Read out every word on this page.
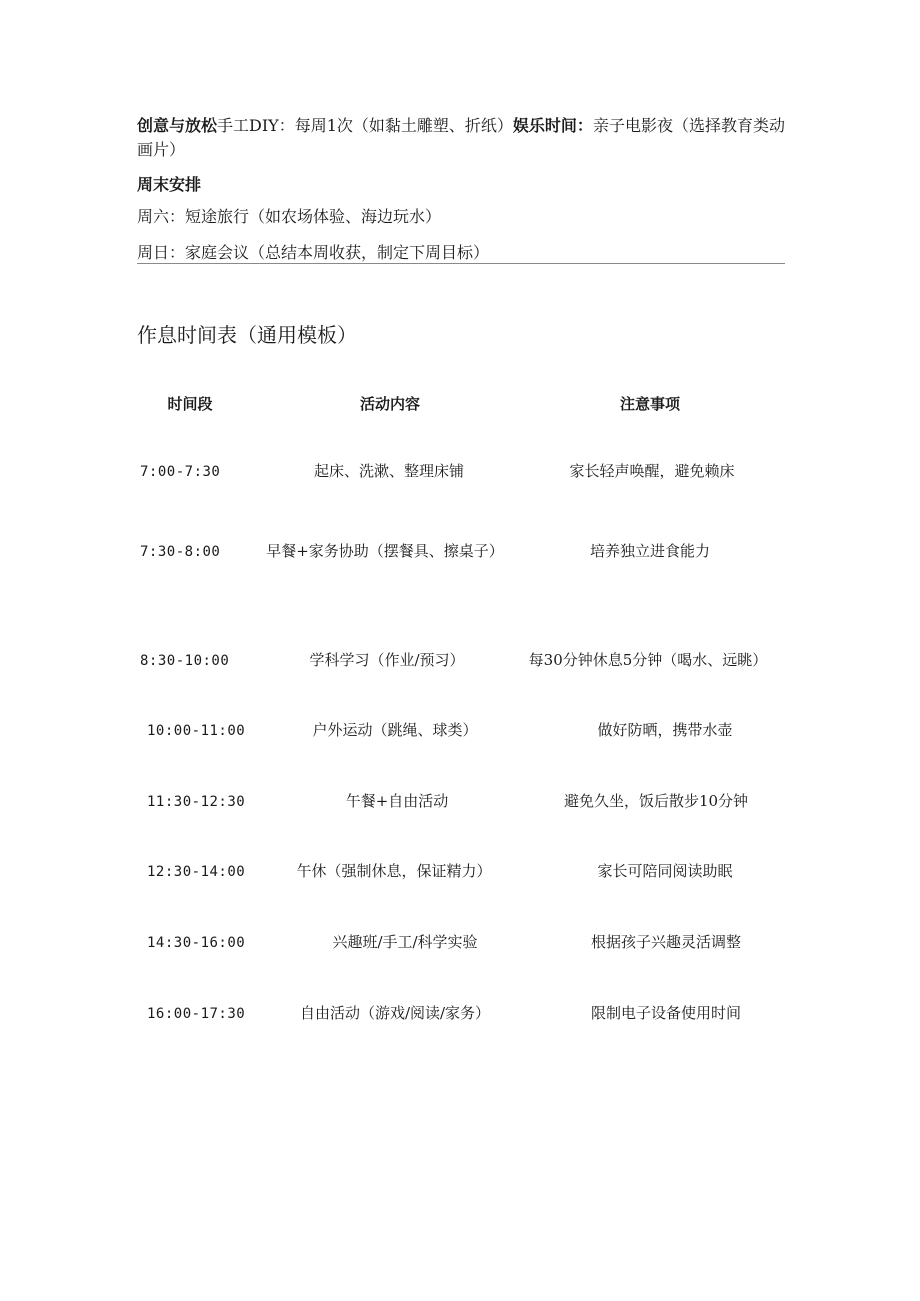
创意与放松手工DIY：每周1次（如黏土雕塑、折纸）娱乐时间：亲子电影夜（选择教育类动画片）
周末安排
周六：短途旅行（如农场体验、海边玩水）
周日：家庭会议（总结本周收获，制定下周目标）
作息时间表（通用模板）
时间段	活动内容	注意事项
7:00-7:30	起床、洗漱、整理床铺	家长轻声唤醒，避免赖床
7:30-8:00	早餐+家务协助（摆餐具、擦桌子）	培养独立进食能力
8:30-10:00	学科学习（作业/预习）	每30分钟休息5分钟（喝水、远眺）
10:00-11:00	户外运动（跳绳、球类）	做好防晒，携带水壶
11:30-12:30	午餐+自由活动	避免久坐，饭后散步10分钟
12:30-14:00	午休（强制休息，保证精力）	家长可陪同阅读助眠
14:30-16:00	兴趣班/手工/科学实验	根据孩子兴趣灵活调整
16:00-17:30	自由活动（游戏/阅读/家务）	限制电子设备使用时间
